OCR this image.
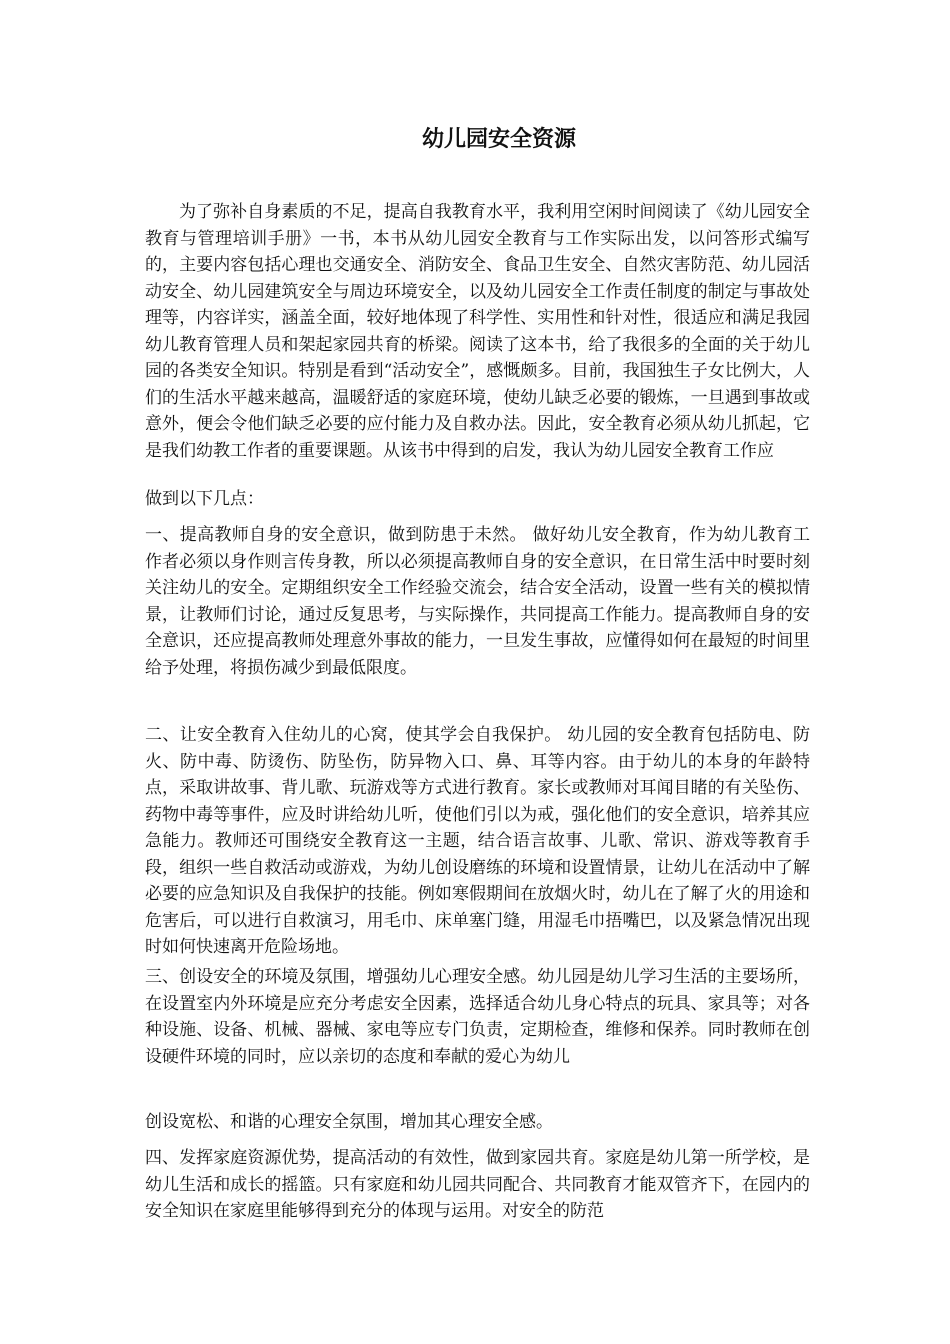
幼儿园安全资源

为了弥补自身素质的不足，提高自我教育水平，我利用空闲时间阅读了《幼儿园安全教育与管理培训手册》一书，本书从幼儿园安全教育与工作实际出发，以问答形式编写的，主要内容包括心理也交通安全、消防安全、食品卫生安全、自然灾害防范、幼儿园活动安全、幼儿园建筑安全与周边环境安全，以及幼儿园安全工作责任制度的制定与事故处理等，内容详实，涵盖全面，较好地体现了科学性、实用性和针对性，很适应和满足我园幼儿教育管理人员和架起家园共育的桥梁。阅读了这本书，给了我很多的全面的关于幼儿园的各类安全知识。特别是看到“活动安全”，感慨颇多。目前，我国独生子女比例大，人们的生活水平越来越高，温暖舒适的家庭环境，使幼儿缺乏必要的锻炼，一旦遇到事故或意外，便会令他们缺乏必要的应付能力及自救办法。因此，安全教育必须从幼儿抓起，它是我们幼教工作者的重要课题。从该书中得到的启发，我认为幼儿园安全教育工作应

做到以下几点：

一、提高教师自身的安全意识，做到防患于未然。 做好幼儿安全教育，作为幼儿教育工作者必须以身作则言传身教，所以必须提高教师自身的安全意识，在日常生活中时要时刻关注幼儿的安全。定期组织安全工作经验交流会，结合安全活动，设置一些有关的模拟情景，让教师们讨论，通过反复思考，与实际操作，共同提高工作能力。提高教师自身的安全意识，还应提高教师处理意外事故的能力，一旦发生事故，应懂得如何在最短的时间里给予处理，将损伤减少到最低限度。

二、让安全教育入住幼儿的心窝，使其学会自我保护。 幼儿园的安全教育包括防电、防火、防中毒、防烫伤、防坠伤，防异物入口、鼻、耳等内容。由于幼儿的本身的年龄特点，采取讲故事、背儿歌、玩游戏等方式进行教育。家长或教师对耳闻目睹的有关坠伤、药物中毒等事件，应及时讲给幼儿听，使他们引以为戒，强化他们的安全意识，培养其应急能力。教师还可围绕安全教育这一主题，结合语言故事、儿歌、常识、游戏等教育手段，组织一些自救活动或游戏，为幼儿创设磨练的环境和设置情景，让幼儿在活动中了解必要的应急知识及自我保护的技能。例如寒假期间在放烟火时，幼儿在了解了火的用途和危害后，可以进行自救演习，用毛巾、床单塞门缝，用湿毛巾捂嘴巴，以及紧急情况出现时如何快速离开危险场地。

三、创设安全的环境及氛围，增强幼儿心理安全感。幼儿园是幼儿学习生活的主要场所，在设置室内外环境是应充分考虑安全因素，选择适合幼儿身心特点的玩具、家具等；对各种设施、设备、机械、器械、家电等应专门负责，定期检查，维修和保养。同时教师在创设硬件环境的同时，应以亲切的态度和奉献的爱心为幼儿

创设宽松、和谐的心理安全氛围，增加其心理安全感。

四、发挥家庭资源优势，提高活动的有效性，做到家园共育。家庭是幼儿第一所学校，是幼儿生活和成长的摇篮。只有家庭和幼儿园共同配合、共同教育才能双管齐下，在园内的安全知识在家庭里能够得到充分的体现与运用。对安全的防范
